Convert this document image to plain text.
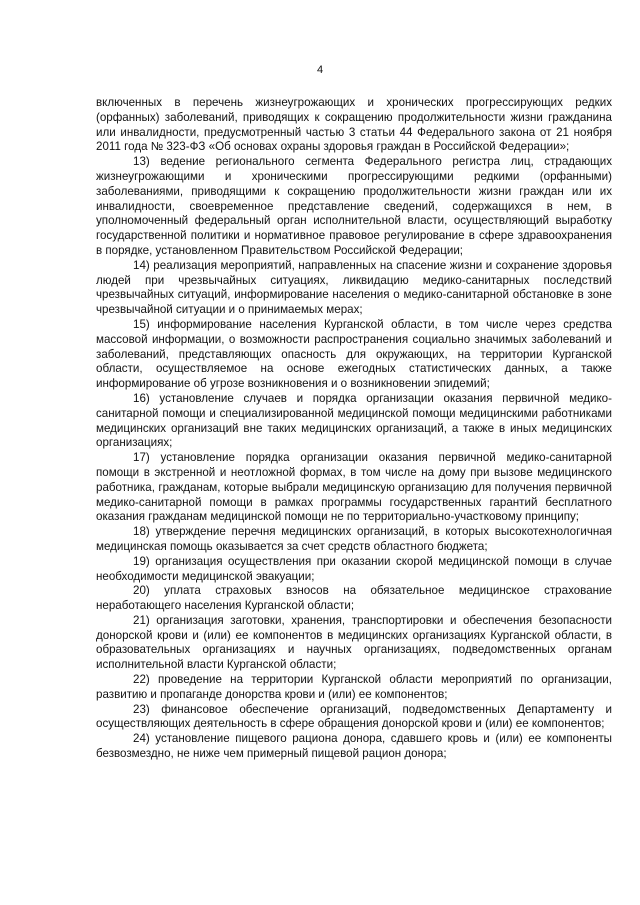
4

включенных в перечень жизнеугрожающих и хронических прогрессирующих редких (орфанных) заболеваний, приводящих к сокращению продолжительности жизни гражданина или инвалидности, предусмотренный частью 3 статьи 44 Федерального закона от 21 ноября 2011 года № 323-ФЗ «Об основах охраны здоровья граждан в Российской Федерации»;

13) ведение регионального сегмента Федерального регистра лиц, страдающих жизнеугрожающими и хроническими прогрессирующими редкими (орфанными) заболеваниями, приводящими к сокращению продолжительности жизни граждан или их инвалидности, своевременное представление сведений, содержащихся в нем, в уполномоченный федеральный орган исполнительной власти, осуществляющий выработку государственной политики и нормативное правовое регулирование в сфере здравоохранения в порядке, установленном Правительством Российской Федерации;

14) реализация мероприятий, направленных на спасение жизни и сохранение здоровья людей при чрезвычайных ситуациях, ликвидацию медико-санитарных последствий чрезвычайных ситуаций, информирование населения о медико-санитарной обстановке в зоне чрезвычайной ситуации и о принимаемых мерах;

15) информирование населения Курганской области, в том числе через средства массовой информации, о возможности распространения социально значимых заболеваний и заболеваний, представляющих опасность для окружающих, на территории Курганской области, осуществляемое на основе ежегодных статистических данных, а также информирование об угрозе возникновения и о возникновении эпидемий;

16) установление случаев и порядка организации оказания первичной медико-санитарной помощи и специализированной медицинской помощи медицинскими работниками медицинских организаций вне таких медицинских организаций, а также в иных медицинских организациях;

17) установление порядка организации оказания первичной медико-санитарной помощи в экстренной и неотложной формах, в том числе на дому при вызове медицинского работника, гражданам, которые выбрали медицинскую организацию для получения первичной медико-санитарной помощи в рамках программы государственных гарантий бесплатного оказания гражданам медицинской помощи не по территориально-участковому принципу;

18) утверждение перечня медицинских организаций, в которых высокотехнологичная медицинская помощь оказывается за счет средств областного бюджета;

19) организация осуществления при оказании скорой медицинской помощи в случае необходимости медицинской эвакуации;

20) уплата страховых взносов на обязательное медицинское страхование неработающего населения Курганской области;

21) организация заготовки, хранения, транспортировки и обеспечения безопасности донорской крови и (или) ее компонентов в медицинских организациях Курганской области, в образовательных организациях и научных организациях, подведомственных органам исполнительной власти Курганской области;

22) проведение на территории Курганской области мероприятий по организации, развитию и пропаганде донорства крови и (или) ее компонентов;

23) финансовое обеспечение организаций, подведомственных Департаменту и осуществляющих деятельность в сфере обращения донорской крови и (или) ее компонентов;

24) установление пищевого рациона донора, сдавшего кровь и (или) ее компоненты безвозмездно, не ниже чем примерный пищевой рацион донора;
